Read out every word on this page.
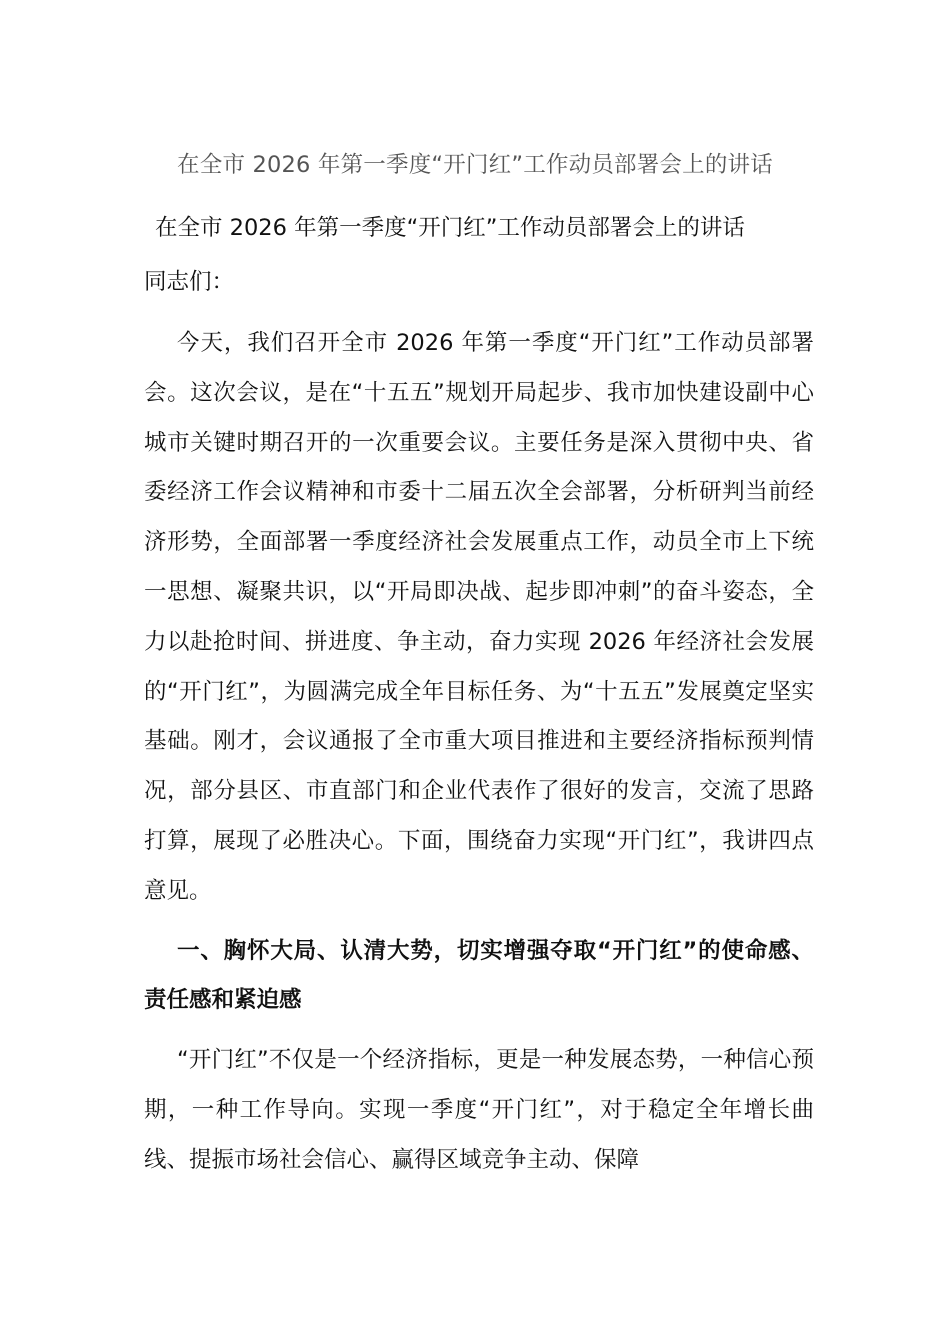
在全市 2026 年第一季度“开门红”工作动员部署会上的讲话
在全市 2026 年第一季度“开门红”工作动员部署会上的讲话

同志们：

今天，我们召开全市 2026 年第一季度“开门红”工作动员部署会。这次会议，是在“十五五”规划开局起步、我市加快建设副中心城市关键时期召开的一次重要会议。主要任务是深入贯彻中央、省委经济工作会议精神和市委十二届五次全会部署，分析研判当前经济形势，全面部署一季度经济社会发展重点工作，动员全市上下统一思想、凝聚共识，以“开局即决战、起步即冲刺”的奋斗姿态，全力以赴抢时间、拼进度、争主动，奋力实现 2026 年经济社会发展的“开门红”，为圆满完成全年目标任务、为“十五五”发展奠定坚实基础。刚才，会议通报了全市重大项目推进和主要经济指标预判情况，部分县区、市直部门和企业代表作了很好的发言，交流了思路打算，展现了必胜决心。下面，围绕奋力实现“开门红”，我讲四点意见。

一、胸怀大局、认清大势，切实增强夺取“开门红”的使命感、责任感和紧迫感

“开门红”不仅是一个经济指标，更是一种发展态势，一种信心预期，一种工作导向。实现一季度“开门红”，对于稳定全年增长曲线、提振市场社会信心、赢得区域竞争主动、保障
